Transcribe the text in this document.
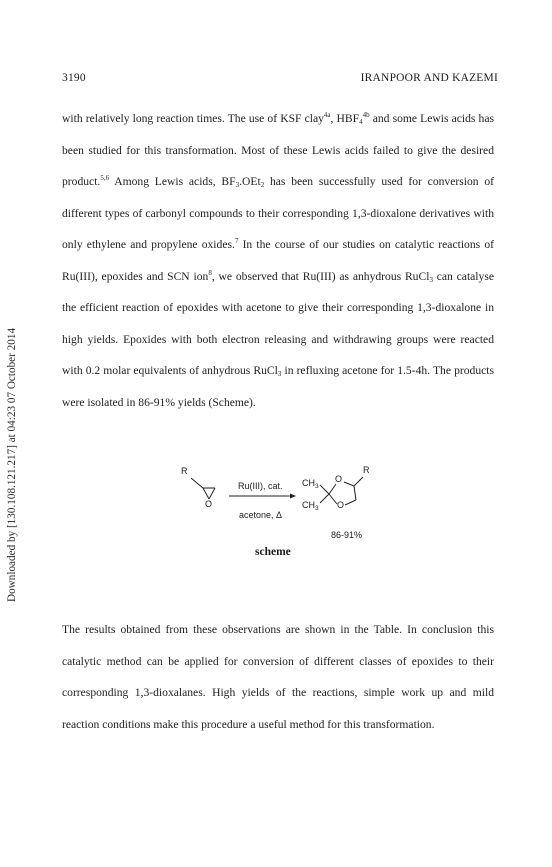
3190	IRANPOOR AND KAZEMI
Downloaded by [130.108.121.217] at 04:23 07 October 2014

with relatively long reaction times. The use of KSF clay$^{4a}$, $HBF_4^{4b}$ and some Lewis acids has been studied for this transformation. Most of these Lewis acids failed to give the desired product.$^{5,6}$ Among Lewis acids, $BF_3.OEt_2$ has been successfully used for conversion of different types of carbonyl compounds to their corresponding 1,3-dioxalone derivatives with only ethylene and propylene oxides.$^7$ In the course of our studies on catalytic reactions of Ru(III), epoxides and SCN ion$^8$, we observed that Ru(III) as anhydrous RuCl$_3$ can catalyse the efficient reaction of epoxides with acetone to give their corresponding 1,3-dioxalone in high yields. Epoxides with both electron releasing and withdrawing groups were reacted with 0.2 molar equivalents of anhydrous RuCl$_3$ in refluxing acetone for 1.5-4h. The products were isolated in 86-91% yields (Scheme).

R
O
Ru(III), cat.
acetone, Δ
$CH_3$
$CH_3$
O
O
R
86-91%
scheme

The results obtained from these observations are shown in the Table. In conclusion this catalytic method can be applied for conversion of different classes of epoxides to their corresponding 1,3-dioxalanes. High yields of the reactions, simple work up and mild reaction conditions make this procedure a useful method for this transformation.
